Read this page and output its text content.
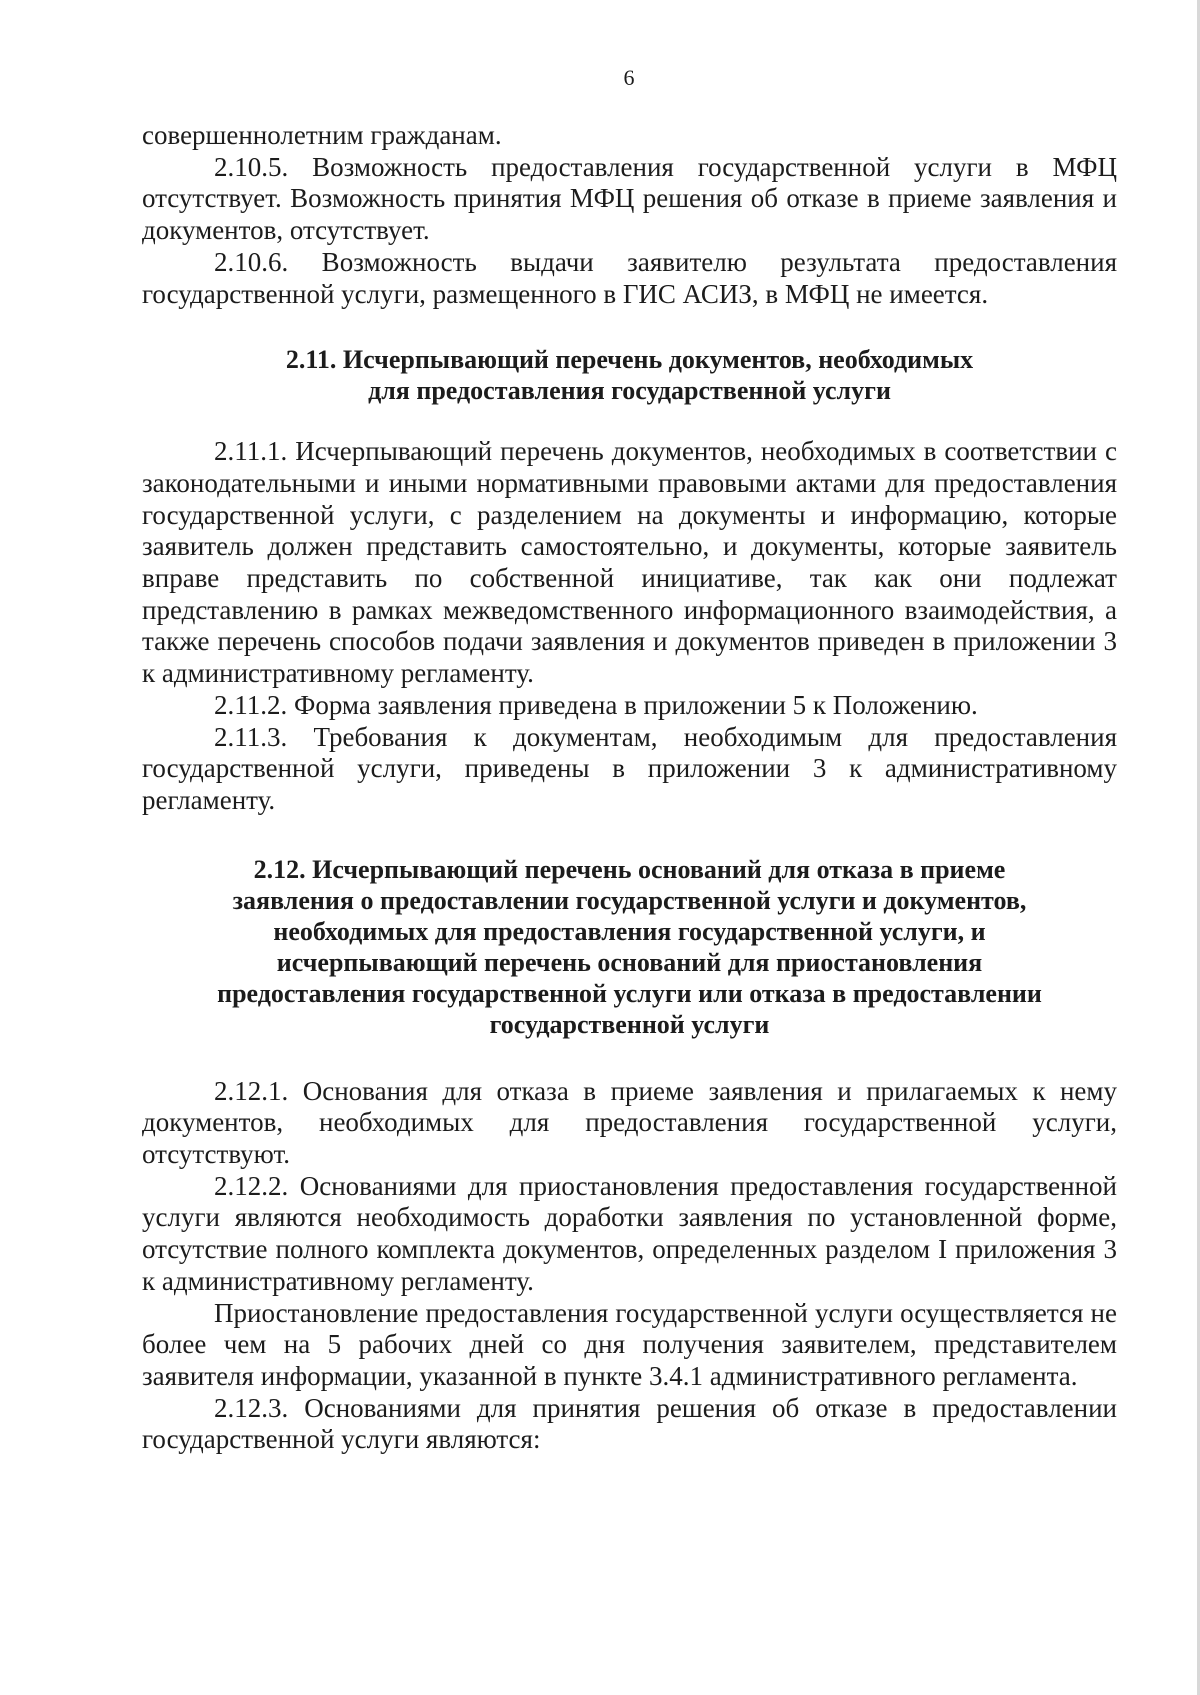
6

совершеннолетним гражданам.

2.10.5. Возможность предоставления государственной услуги в МФЦ отсутствует. Возможность принятия МФЦ решения об отказе в приеме заявления и документов, отсутствует.

2.10.6. Возможность выдачи заявителю результата предоставления государственной услуги, размещенного в ГИС АСИЗ, в МФЦ не имеется.

2.11. Исчерпывающий перечень документов, необходимых
для предоставления государственной услуги

2.11.1. Исчерпывающий перечень документов, необходимых в соответствии с законодательными и иными нормативными правовыми актами для предоставления государственной услуги, с разделением на документы и информацию, которые заявитель должен представить самостоятельно, и документы, которые заявитель вправе представить по собственной инициативе, так как они подлежат представлению в рамках межведомственного информационного взаимодействия, а также перечень способов подачи заявления и документов приведен в приложении 3 к административному регламенту.

2.11.2. Форма заявления приведена в приложении 5 к Положению.

2.11.3. Требования к документам, необходимым для предоставления государственной услуги, приведены в приложении 3 к административному регламенту.

2.12. Исчерпывающий перечень оснований для отказа в приеме
заявления о предоставлении государственной услуги и документов,
необходимых для предоставления государственной услуги, и
исчерпывающий перечень оснований для приостановления
предоставления государственной услуги или отказа в предоставлении
государственной услуги

2.12.1. Основания для отказа в приеме заявления и прилагаемых к нему документов, необходимых для предоставления государственной услуги, отсутствуют.

2.12.2. Основаниями для приостановления предоставления государственной услуги являются необходимость доработки заявления по установленной форме, отсутствие полного комплекта документов, определенных разделом I приложения 3 к административному регламенту.

Приостановление предоставления государственной услуги осуществляется не более чем на 5 рабочих дней со дня получения заявителем, представителем заявителя информации, указанной в пункте 3.4.1 административного регламента.

2.12.3. Основаниями для принятия решения об отказе в предоставлении государственной услуги являются:
